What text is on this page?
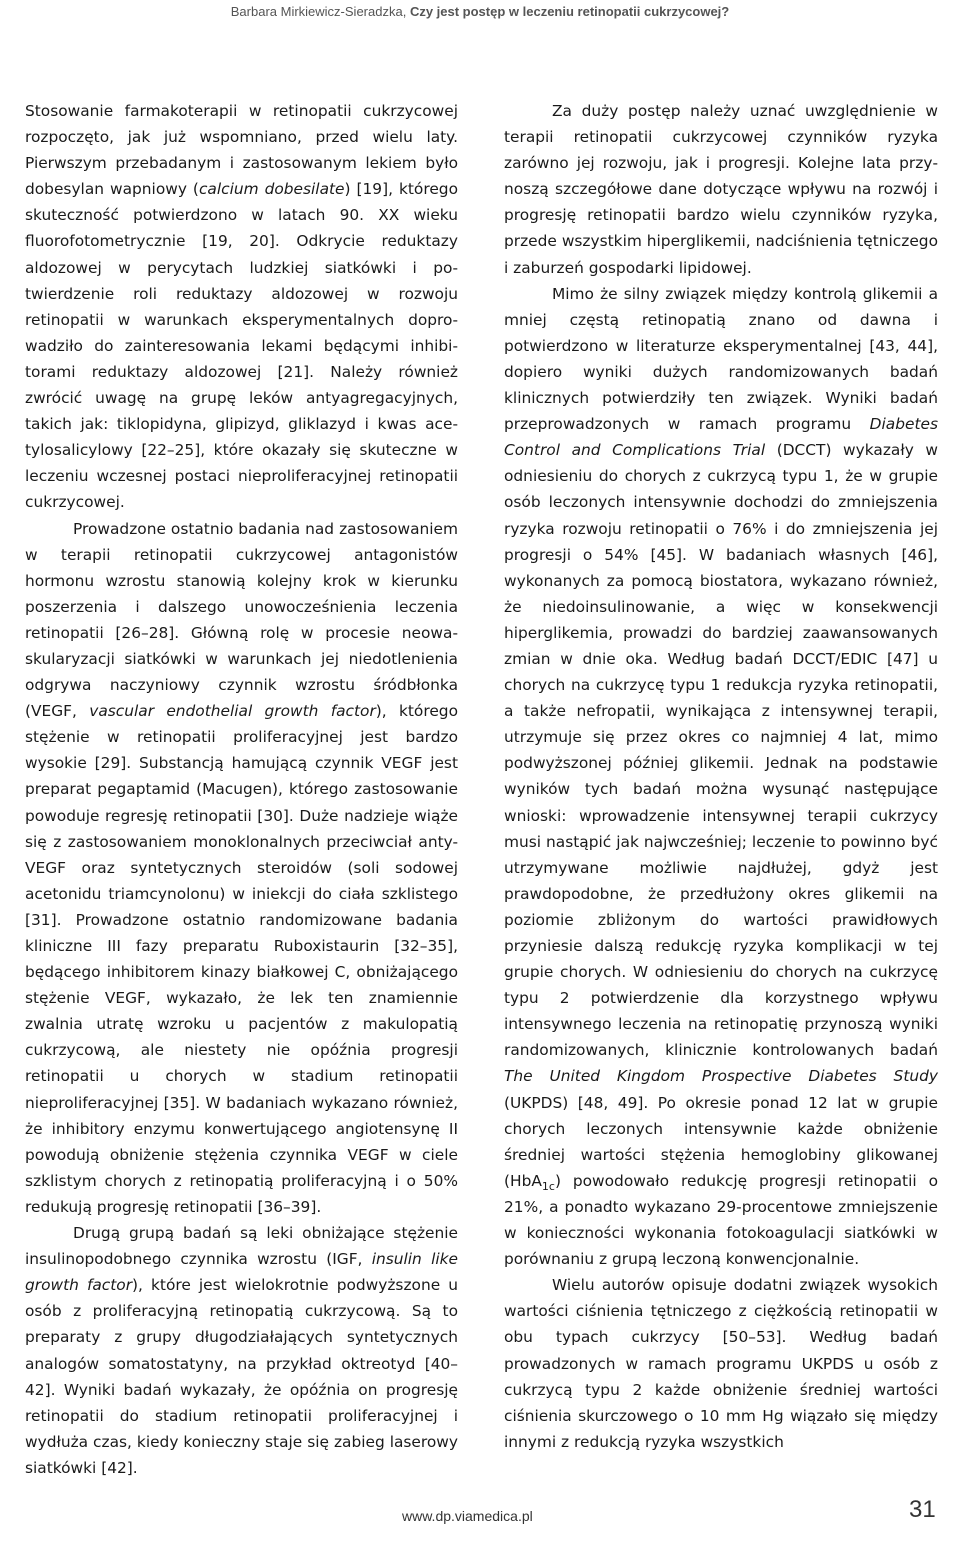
Barbara Mirkiewicz-Sieradzka, Czy jest postęp w leczeniu retinopatii cukrzycowej?

Stosowanie farmakoterapii w retinopatii cukrzycowej rozpoczęto, jak już wspomniano, przed wielu laty. Pierwszym przebadanym i zastosowanym lekiem było dobesylan wapniowy (calcium dobesilate) [19], którego skuteczność potwierdzono w latach 90. XX wieku fluorofotometrycznie [19, 20]. Odkrycie reduktazy aldozowej w perycytach ludzkiej siatkówki i potwierdzenie roli reduktazy aldozowej w rozwoju retinopatii w warunkach eksperymentalnych doprowadziło do zainteresowania lekami będącymi inhibitorami reduktazy aldozowej [21]. Należy również zwrócić uwagę na grupę leków antyagregacyjnych, takich jak: tiklopidyna, glipizyd, gliklazyd i kwas acetylosalicylowy [22–25], które okazały się skuteczne w leczeniu wczesnej postaci nieproliferacyjnej retinopatii cukrzycowej.

Prowadzone ostatnio badania nad zastosowaniem w terapii retinopatii cukrzycowej antagonistów hormonu wzrostu stanowią kolejny krok w kierunku poszerzenia i dalszego unowocześnienia leczenia retinopatii [26–28]. Główną rolę w procesie neowaskularyzacji siatkówki w warunkach jej niedotlenienia odgrywa naczyniowy czynnik wzrostu śródbłonka (VEGF, vascular endothelial growth factor), którego stężenie w retinopatii proliferacyjnej jest bardzo wysokie [29]. Substancją hamującą czynnik VEGF jest preparat pegaptamid (Macugen), którego zastosowanie powoduje regresję retinopatii [30]. Duże nadzieje wiąże się z zastosowaniem monoklonalnych przeciwciał anty-VEGF oraz syntetycznych steroidów (soli sodowej acetonidu triamcynolonu) w iniekcji do ciała szklistego [31]. Prowadzone ostatnio randomizowane badania kliniczne III fazy preparatu Ruboxistaurin [32–35], będącego inhibitorem kinazy białkowej C, obniżającego stężenie VEGF, wykazało, że lek ten znamiennie zwalnia utratę wzroku u pacjentów z makulopatią cukrzycową, ale niestety nie opóźnia progresji retinopatii u chorych w stadium retinopatii nieproliferacyjnej [35]. W badaniach wykazano również, że inhibitory enzymu konwertującego angiotensynę II powodują obniżenie stężenia czynnika VEGF w ciele szklistym chorych z retinopatią proliferacyjną i o 50% redukują progresję retinopatii [36–39].

Drugą grupą badań są leki obniżające stężenie insulinopodobnego czynnika wzrostu (IGF, insulin like growth factor), które jest wielokrotnie podwyższone u osób z proliferacyjną retinopatią cukrzycową. Są to preparaty z grupy długodziałających syntetycznych analogów somatostatyny, na przykład oktreotyd [40–42]. Wyniki badań wykazały, że opóźnia on progresję retinopatii do stadium retinopatii proliferacyjnej i wydłuża czas, kiedy konieczny staje się zabieg laserowy siatkówki [42].

Za duży postęp należy uznać uwzględnienie w terapii retinopatii cukrzycowej czynników ryzyka zarówno jej rozwoju, jak i progresji. Kolejne lata przynoszą szczegółowe dane dotyczące wpływu na rozwój i progresję retinopatii bardzo wielu czynników ryzyka, przede wszystkim hiperglikemii, nadciśnienia tętniczego i zaburzeń gospodarki lipidowej.

Mimo że silny związek między kontrolą glikemii a mniej częstą retinopatią znano od dawna i potwierdzono w literaturze eksperymentalnej [43, 44], dopiero wyniki dużych randomizowanych badań klinicznych potwierdziły ten związek. Wyniki badań przeprowadzonych w ramach programu Diabetes Control and Complications Trial (DCCT) wykazały w odniesieniu do chorych z cukrzycą typu 1, że w grupie osób leczonych intensywnie dochodzi do zmniejszenia ryzyka rozwoju retinopatii o 76% i do zmniejszenia jej progresji o 54% [45]. W badaniach własnych [46], wykonanych za pomocą biostatora, wykazano również, że niedoinsulinowanie, a więc w konsekwencji hiperglikemia, prowadzi do bardziej zaawansowanych zmian w dnie oka. Według badań DCCT/EDIC [47] u chorych na cukrzycę typu 1 redukcja ryzyka retinopatii, a także nefropatii, wynikająca z intensywnej terapii, utrzymuje się przez okres co najmniej 4 lat, mimo podwyższonej później glikemii. Jednak na podstawie wyników tych badań można wysunąć następujące wnioski: wprowadzenie intensywnej terapii cukrzycy musi nastąpić jak najwcześniej; leczenie to powinno być utrzymywane możliwie najdłużej, gdyż jest prawdopodobne, że przedłużony okres glikemii na poziomie zbliżonym do wartości prawidłowych przyniesie dalszą redukcję ryzyka komplikacji w tej grupie chorych. W odniesieniu do chorych na cukrzycę typu 2 potwierdzenie dla korzystnego wpływu intensywnego leczenia na retinopatię przynoszą wyniki randomizowanych, klinicznie kontrolowanych badań The United Kingdom Prospective Diabetes Study (UKPDS) [48, 49]. Po okresie ponad 12 lat w grupie chorych leczonych intensywnie każde obniżenie średniej wartości stężenia hemoglobiny glikowanej (HbA$_{1c}$) powodowało redukcję progresji retinopatii o 21%, a ponadto wykazano 29-procentowe zmniejszenie w konieczności wykonania fotokoagulacji siatkówki w porównaniu z grupą leczoną konwencjonalnie.

Wielu autorów opisuje dodatni związek wysokich wartości ciśnienia tętniczego z ciężkością retinopatii w obu typach cukrzycy [50–53]. Według badań prowadzonych w ramach programu UKPDS u osób z cukrzycą typu 2 każde obniżenie średniej wartości ciśnienia skurczowego o 10 mm Hg wiązało się między innymi z redukcją ryzyka wszystkich

www.dp.viamedica.pl	31
